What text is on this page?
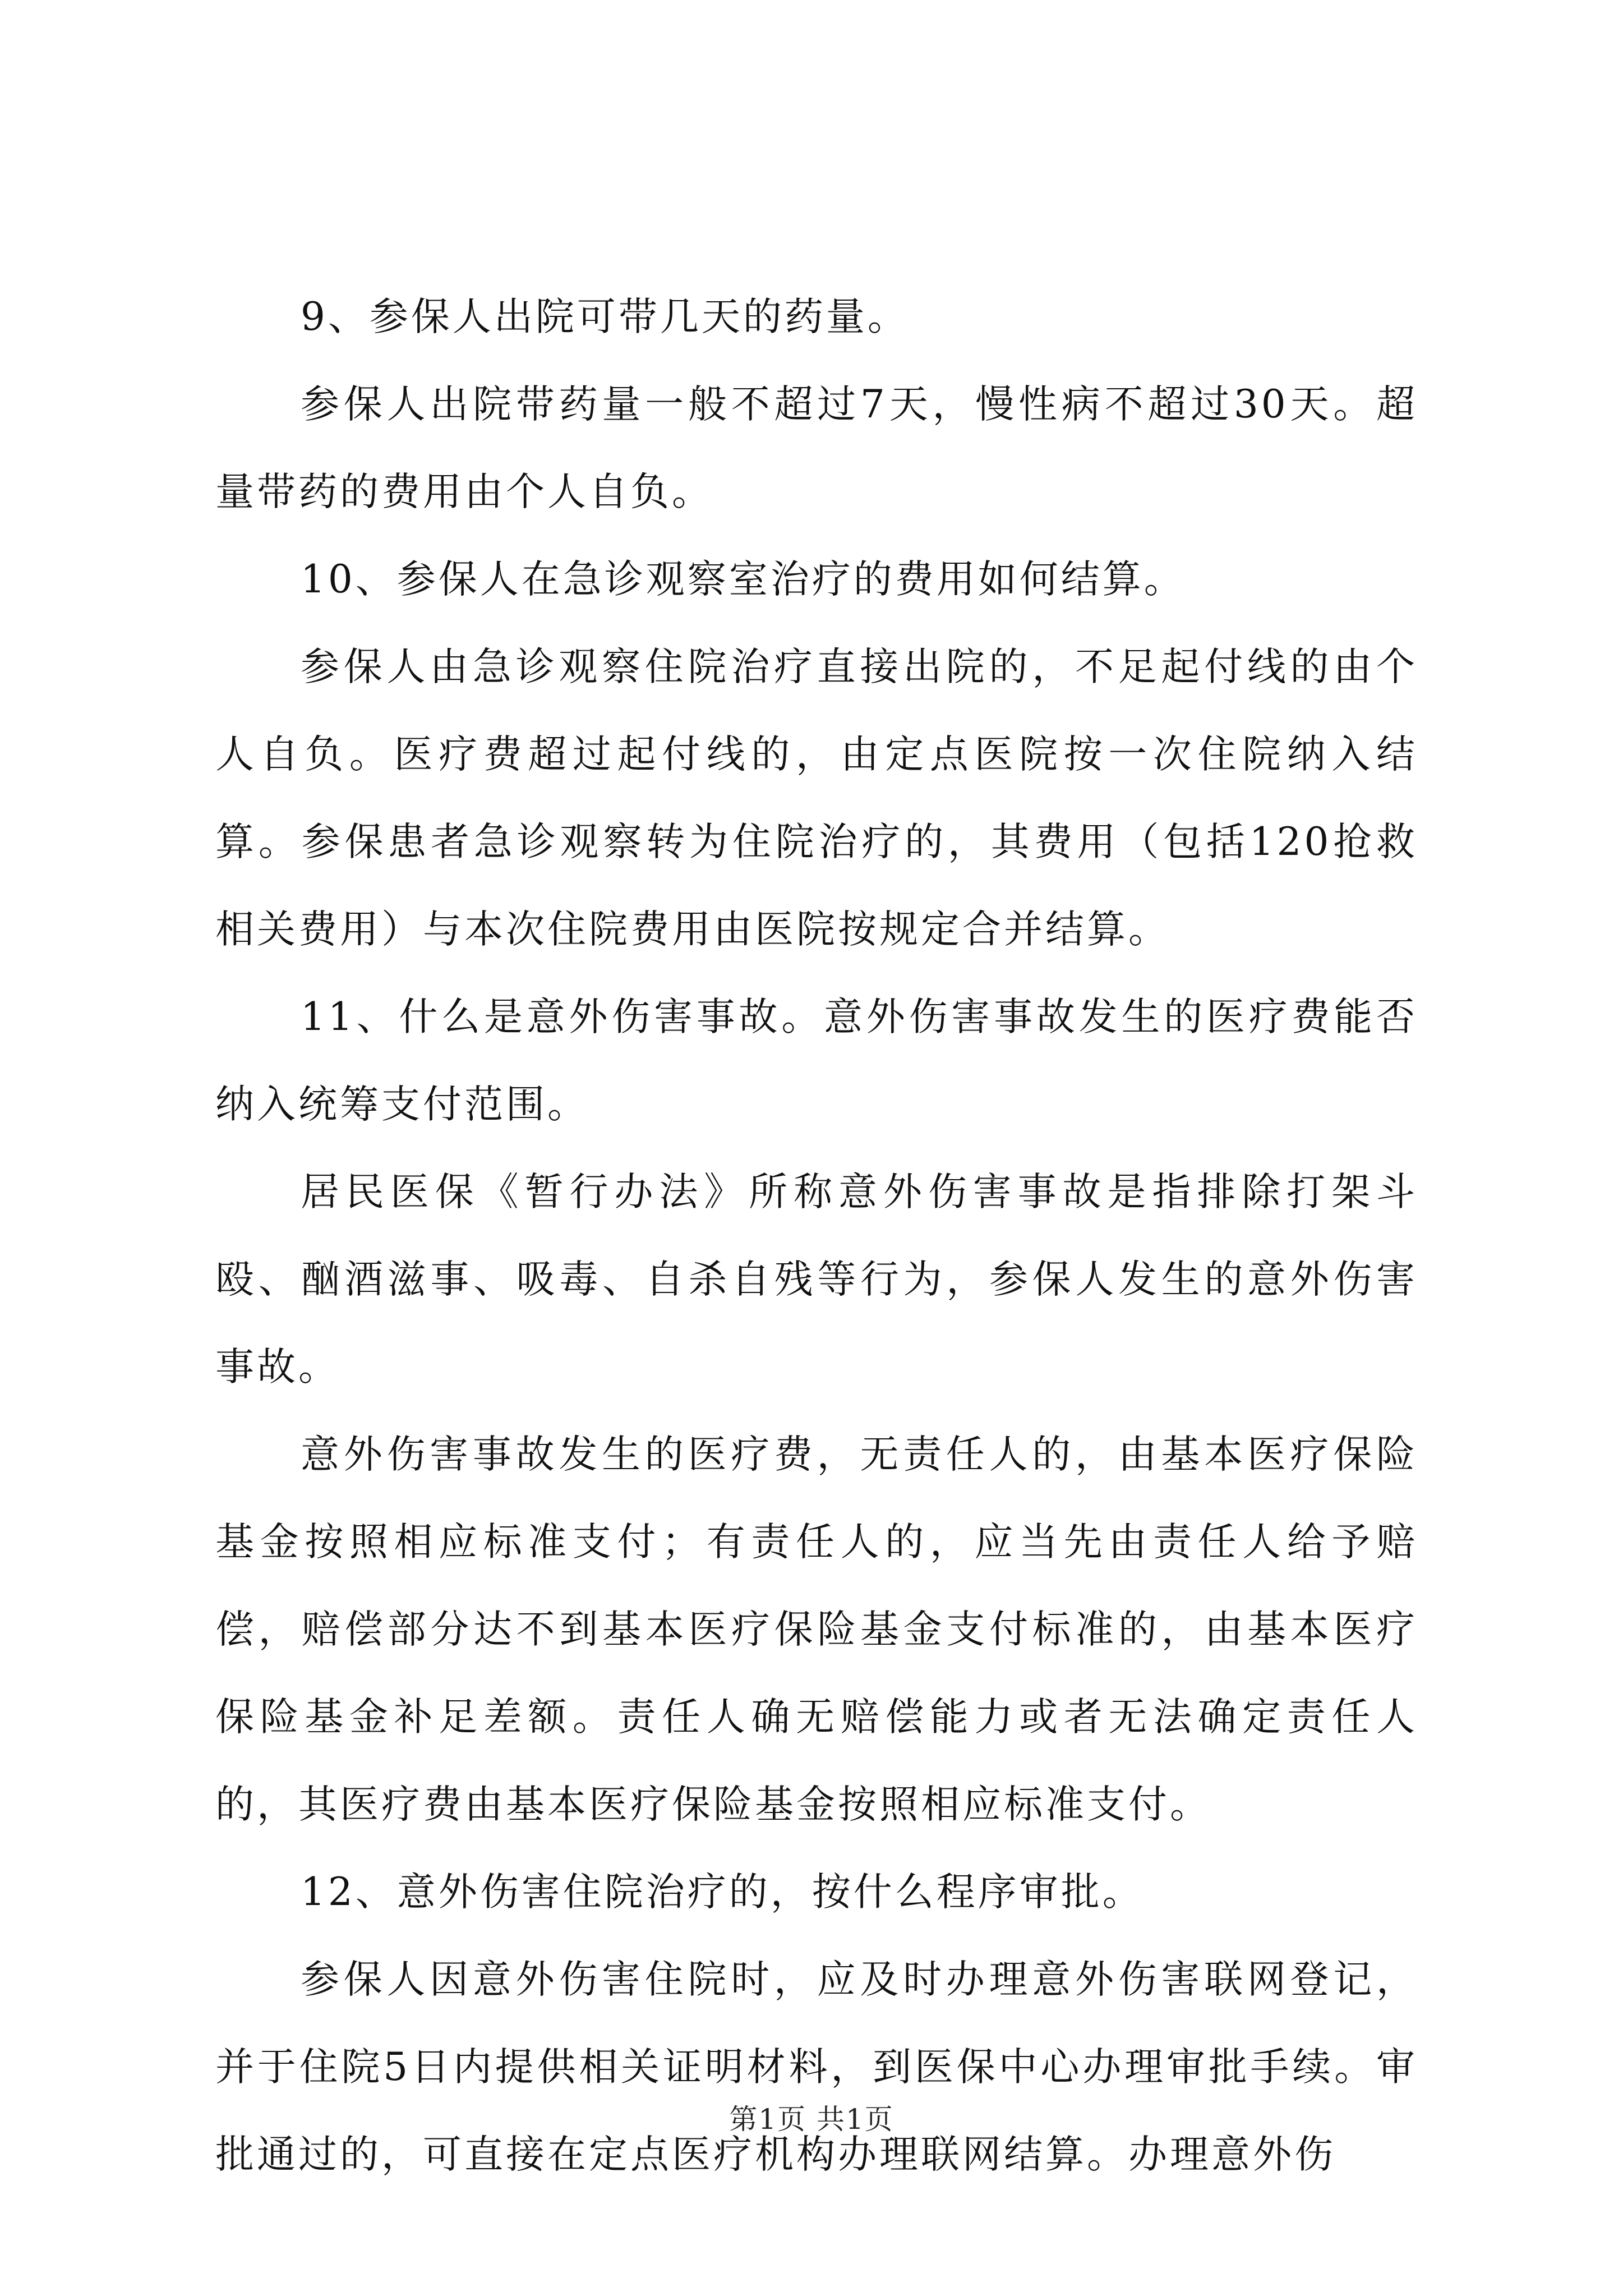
9、参保人出院可带几天的药量。

参保人出院带药量一般不超过7天，慢性病不超过30天。超量带药的费用由个人自负。

10、参保人在急诊观察室治疗的费用如何结算。

参保人由急诊观察住院治疗直接出院的，不足起付线的由个人自负。医疗费超过起付线的，由定点医院按一次住院纳入结算。参保患者急诊观察转为住院治疗的，其费用（包括120抢救相关费用）与本次住院费用由医院按规定合并结算。

11、什么是意外伤害事故。意外伤害事故发生的医疗费能否纳入统筹支付范围。

居民医保《暂行办法》所称意外伤害事故是指排除打架斗殴、酗酒滋事、吸毒、自杀自残等行为，参保人发生的意外伤害事故。

意外伤害事故发生的医疗费，无责任人的，由基本医疗保险基金按照相应标准支付；有责任人的，应当先由责任人给予赔偿，赔偿部分达不到基本医疗保险基金支付标准的，由基本医疗保险基金补足差额。责任人确无赔偿能力或者无法确定责任人的，其医疗费由基本医疗保险基金按照相应标准支付。

12、意外伤害住院治疗的，按什么程序审批。

参保人因意外伤害住院时，应及时办理意外伤害联网登记，并于住院5日内提供相关证明材料，到医保中心办理审批手续。审批通过的，可直接在定点医疗机构办理联网结算。办理意外伤

第1页 共1页
